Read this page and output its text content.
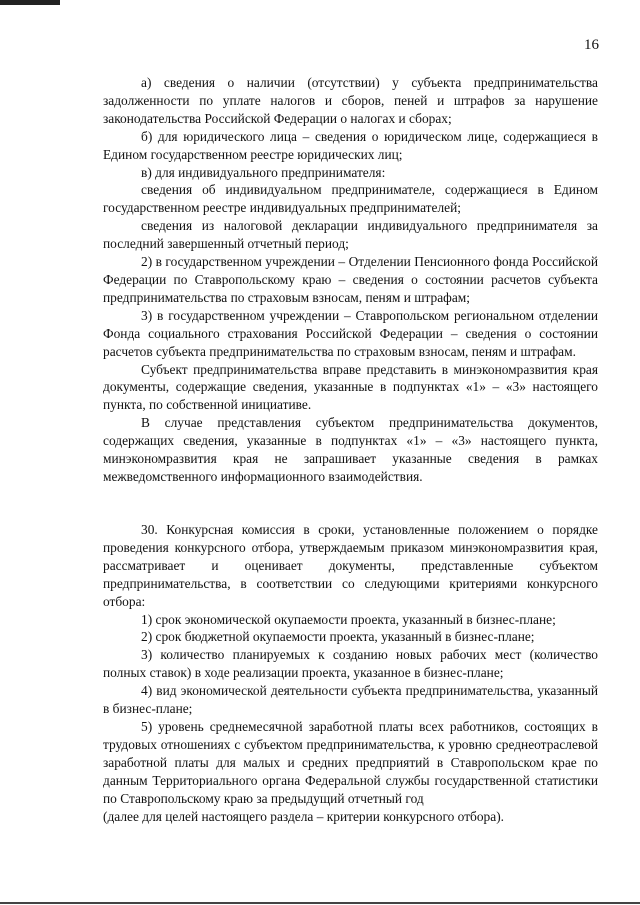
16

а) сведения о наличии (отсутствии) у субъекта предпринимательства задолженности по уплате налогов и сборов, пеней и штрафов за нарушение законодательства Российской Федерации о налогах и сборах;

б) для юридического лица – сведения о юридическом лице, содержащиеся в Едином государственном реестре юридических лиц;

в) для индивидуального предпринимателя:

сведения об индивидуальном предпринимателе, содержащиеся в Едином государственном реестре индивидуальных предпринимателей;

сведения из налоговой декларации индивидуального предпринимателя за последний завершенный отчетный период;

2) в государственном учреждении – Отделении Пенсионного фонда Российской Федерации по Ставропольскому краю – сведения о состоянии расчетов субъекта предпринимательства по страховым взносам, пеням и штрафам;

3) в государственном учреждении – Ставропольском региональном отделении Фонда социального страхования Российской Федерации – сведения о состоянии расчетов субъекта предпринимательства по страховым взносам, пеням и штрафам.

Субъект предпринимательства вправе представить в минэкономразвития края документы, содержащие сведения, указанные в подпунктах «1» – «3» настоящего пункта, по собственной инициативе.

В случае представления субъектом предпринимательства документов, содержащих сведения, указанные в подпунктах «1» – «3» настоящего пункта, минэкономразвития края не запрашивает указанные сведения в рамках межведомственного информационного взаимодействия.

30. Конкурсная комиссия в сроки, установленные положением о порядке проведения конкурсного отбора, утверждаемым приказом минэкономразвития края, рассматривает и оценивает документы, представленные субъектом предпринимательства, в соответствии со следующими критериями конкурсного отбора:

1) срок экономической окупаемости проекта, указанный в бизнес-плане;

2) срок бюджетной окупаемости проекта, указанный в бизнес-плане;

3) количество планируемых к созданию новых рабочих мест (количество полных ставок) в ходе реализации проекта, указанное в бизнес-плане;

4) вид экономической деятельности субъекта предпринимательства, указанный в бизнес-плане;

5) уровень среднемесячной заработной платы всех работников, состоящих в трудовых отношениях с субъектом предпринимательства, к уровню среднеотраслевой заработной платы для малых и средних предприятий в Ставропольском крае по данным Территориального органа Федеральной службы государственной статистики по Ставропольскому краю за предыдущий отчетный год

(далее для целей настоящего раздела – критерии конкурсного отбора).
